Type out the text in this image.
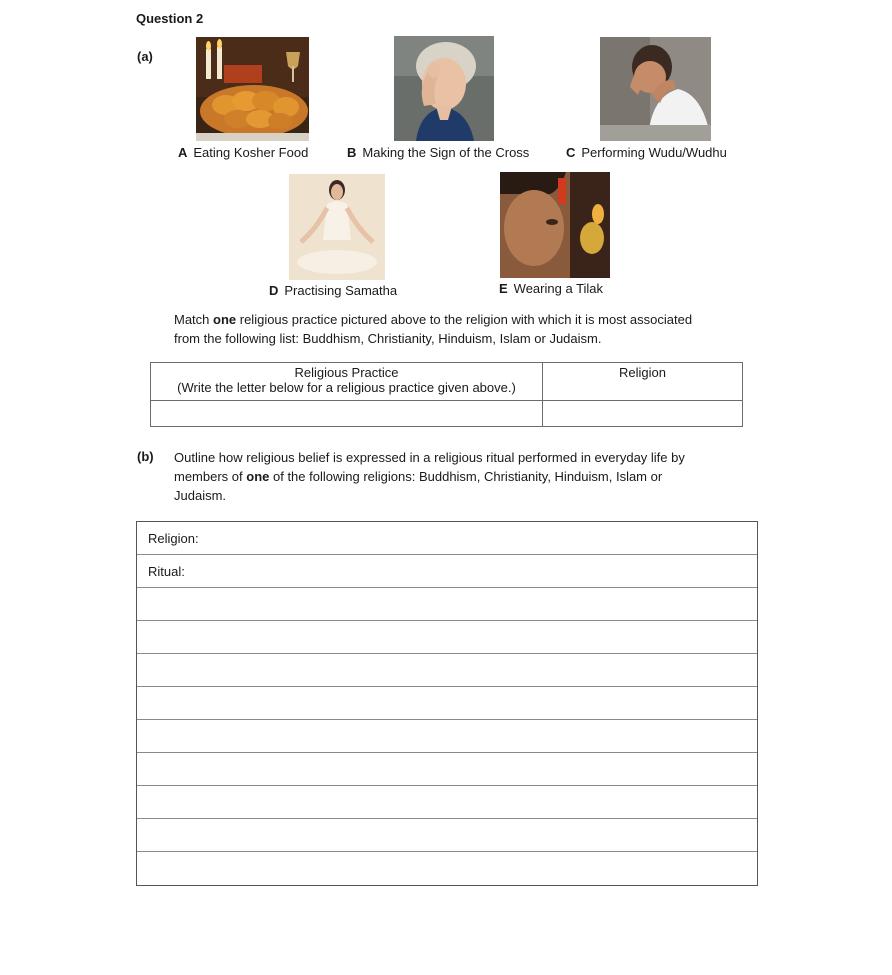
Question 2
(a)
A Eating Kosher Food	B Making the Sign of the Cross	C Performing Wudu/Wudhu
D Practising Samatha	E Wearing a Tilak
Match one religious practice pictured above to the religion with which it is most associated
from the following list: Buddhism, Christianity, Hinduism, Islam or Judaism.
Religious Practice
(Write the letter below for a religious practice given above.)	Religion

(b) Outline how religious belief is expressed in a religious ritual performed in everyday life by
members of one of the following religions: Buddhism, Christianity, Hinduism, Islam or
Judaism.
Religion:
Ritual:
